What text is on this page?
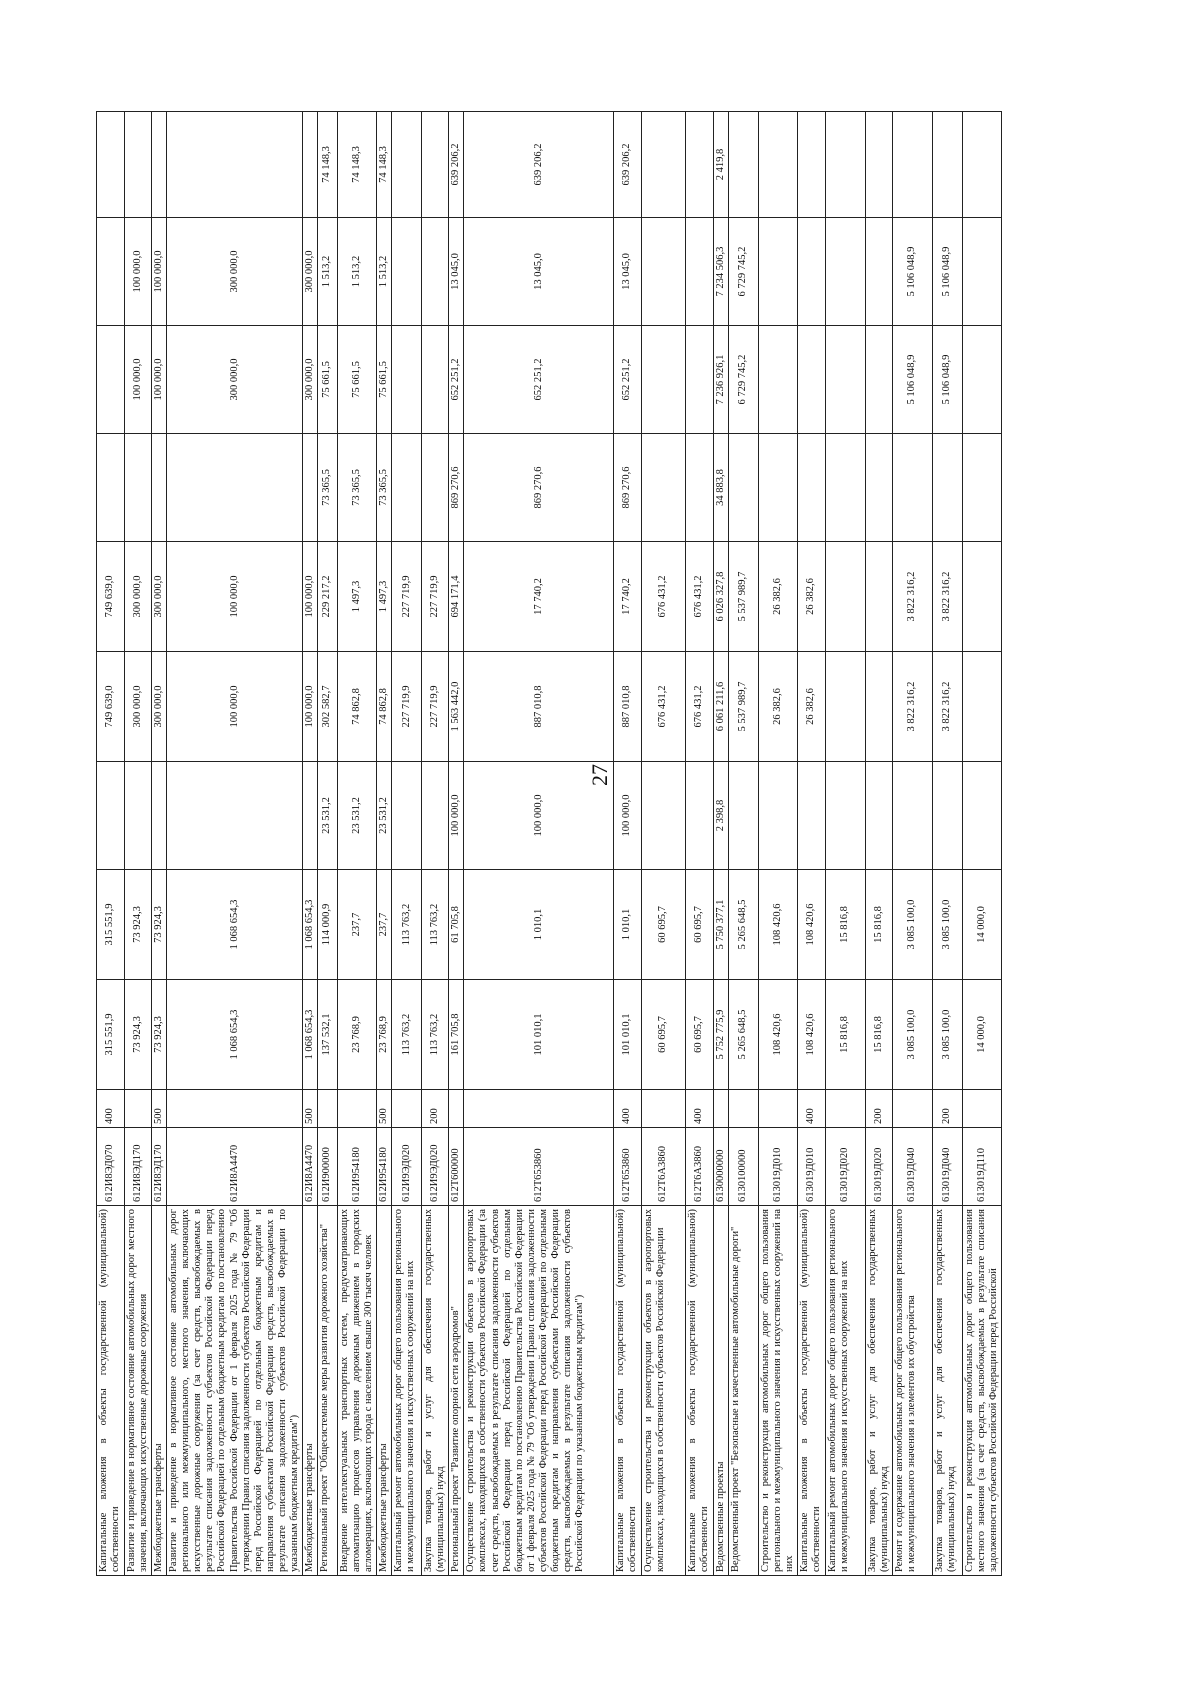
27
Капитальные вложения в объекты государственной (муниципальной) собственности	612И8ЭД070	400	315 551,9	315 551,9		749 639,0	749 639,0				
Развитие и приведение в нормативное состояние автомобильных дорог местного значения, включающих искусственные дорожные сооружения	612И8ЭД170		73 924,3	73 924,3		300 000,0	300 000,0		100 000,0	100 000,0	
Межбюджетные трансферты	612И8ЭД170	500	73 924,3	73 924,3		300 000,0	300 000,0		100 000,0	100 000,0	
Развитие и приведение в нормативное состояние автомобильных дорог регионального или межмуниципального, местного значения, включающих искусственные дорожные сооружения (за счет средств, высвобождаемых в результате списания задолженности субъектов Российской Федерации перед Российской Федерацией по отдельным бюджетным кредитам по постановлению Правительства Российской Федерации от 1 февраля 2025 года № 79 "Об утверждении Правил списания задолженности субъектов Российской Федерации перед Российской Федерацией по отдельным бюджетным кредитам и направления субъектами Российской Федерации средств, высвобождаемых в результате списания задолженности субъектов Российской Федерации по указанным бюджетным кредитам")	612И8А4470		1 068 654,3	1 068 654,3		100 000,0	100 000,0		300 000,0	300 000,0	
Межбюджетные трансферты	612И8А4470	500	1 068 654,3	1 068 654,3		100 000,0	100 000,0		300 000,0	300 000,0	
Региональный проект "Общесистемные меры развития дорожного хозяйства"	612И900000		137 532,1	114 000,9	23 531,2	302 582,7	229 217,2	73 365,5	75 661,5	1 513,2	74 148,3
Внедрение интеллектуальных транспортных систем, предусматривающих автоматизацию процессов управления дорожным движением в городских агломерациях, включающих города с населением свыше 300 тысяч человек	612И954180		23 768,9	237,7	23 531,2	74 862,8	1 497,3	73 365,5	75 661,5	1 513,2	74 148,3
Межбюджетные трансферты	612И954180	500	23 768,9	237,7	23 531,2	74 862,8	1 497,3	73 365,5	75 661,5	1 513,2	74 148,3
Капитальный ремонт автомобильных дорог общего пользования регионального и межмуниципального значения и искусственных сооружений на них	612И9ЭД020		113 763,2	113 763,2		227 719,9	227 719,9				
Закупка товаров, работ и услуг для обеспечения государственных (муниципальных) нужд	612И9ЭД020	200	113 763,2	113 763,2		227 719,9	227 719,9				
Региональный проект "Развитие опорной сети аэродромов"	612T600000		161 705,8	61 705,8	100 000,0	1 563 442,0	694 171,4	869 270,6	652 251,2	13 045,0	639 206,2
Осуществление строительства и реконструкции объектов в аэропортовых комплексах, находящихся в собственности субъектов Российской Федерации (за счет средств, высвобождаемых в результате списания задолженности субъектов Российской Федерации перед Российской Федерацией по отдельным бюджетным кредитам по постановлению Правительства Российской Федерации от 1 февраля 2025 года № 79 "Об утверждении Правил списания задолженности субъектов Российской Федерации перед Российской Федерацией по отдельным бюджетным кредитам и направления субъектами Российской Федерации средств, высвобождаемых в результате списания задолженности субъектов Российской Федерации по указанным бюджетным кредитам")	612T653860		101 010,1	1 010,1	100 000,0	887 010,8	17 740,2	869 270,6	652 251,2	13 045,0	639 206,2
Капитальные вложения в объекты государственной (муниципальной) собственности	612T653860	400	101 010,1	1 010,1	100 000,0	887 010,8	17 740,2	869 270,6	652 251,2	13 045,0	639 206,2
Осуществление строительства и реконструкции объектов в аэропортовых комплексах, находящихся в собственности субъектов Российской Федерации	612T6A3860		60 695,7	60 695,7		676 431,2	676 431,2				
Капитальные вложения в объекты государственной (муниципальной) собственности	612T6A3860	400	60 695,7	60 695,7		676 431,2	676 431,2				
Ведомственные проекты	6130000000		5 752 775,9	5 750 377,1	2 398,8	6 061 211,6	6 026 327,8	34 883,8	7 236 926,1	7 234 506,3	2 419,8
Ведомственный проект "Безопасные и качественные автомобильные дороги"	6130100000		5 265 648,5	5 265 648,5		5 537 989,7	5 537 989,7		6 729 745,2	6 729 745,2	
Строительство и реконструкция автомобильных дорог общего пользования регионального и межмуниципального значения и искусственных сооружений на них	613019Д010		108 420,6	108 420,6		26 382,6	26 382,6				
Капитальные вложения в объекты государственной (муниципальной) собственности	613019Д010	400	108 420,6	108 420,6		26 382,6	26 382,6				
Капитальный ремонт автомобильных дорог общего пользования регионального и межмуниципального значения и искусственных сооружений на них	613019Д020		15 816,8	15 816,8							
Закупка товаров, работ и услуг для обеспечения государственных (муниципальных) нужд	613019Д020	200	15 816,8	15 816,8							
Ремонт и содержание автомобильных дорог общего пользования регионального и межмуниципального значения и элементов их обустройства	613019Д040		3 085 100,0	3 085 100,0		3 822 316,2	3 822 316,2		5 106 048,9	5 106 048,9	
Закупка товаров, работ и услуг для обеспечения государственных (муниципальных) нужд	613019Д040	200	3 085 100,0	3 085 100,0		3 822 316,2	3 822 316,2		5 106 048,9	5 106 048,9	
Строительство и реконструкция автомобильных дорог общего пользования местного значения (за счет средств, высвобождаемых в результате списания задолженности субъектов Российской Федерации перед Российской	613019Д110		14 000,0	14 000,0							
